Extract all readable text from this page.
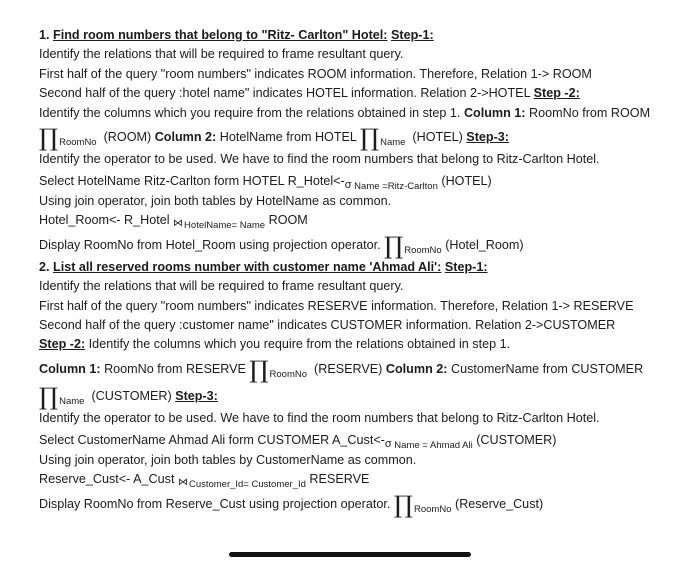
1. Find room numbers that belong to "Ritz- Carlton" Hotel: Step-1:
Identify the relations that will be required to frame resultant query.
First half of the query "room numbers" indicates ROOM information. Therefore, Relation 1-> ROOM
Second half of the query :hotel name" indicates HOTEL information. Relation 2->HOTEL Step -2:
Identify the columns which you require from the relations obtained in step 1. Column 1: RoomNo from ROOM
$\prod_{RoomNo}$ (ROOM) Column 2: HotelName from HOTEL $\prod_{Name}$ (HOTEL) Step-3:
Identify the operator to be used. We have to find the room numbers that belong to Ritz-Carlton Hotel.
Select HotelName Ritz-Carlton form HOTEL R_Hotel<-σ $_{Name =Ritz-Carlton}$ (HOTEL)
Using join operator, join both tables by HotelName as common.
Hotel_Room<- R_Hotel $⋈_{HotelName= Name}$ ROOM
Display RoomNo from Hotel_Room using projection operator. $\prod_{RoomNo}$ (Hotel_Room)
2. List all reserved rooms number with customer name 'Ahmad Ali': Step-1:
Identify the relations that will be required to frame resultant query.
First half of the query "room numbers" indicates RESERVE information. Therefore, Relation 1-> RESERVE
Second half of the query :customer name" indicates CUSTOMER information. Relation 2->CUSTOMER
Step -2: Identify the columns which you require from the relations obtained in step 1.
Column 1: RoomNo from RESERVE $\prod_{RoomNo}$ (RESERVE) Column 2: CustomerName from CUSTOMER
$\prod_{Name}$ (CUSTOMER) Step-3:
Identify the operator to be used. We have to find the room numbers that belong to Ritz-Carlton Hotel.
Select CustomerName Ahmad Ali form CUSTOMER A_Cust<-σ $_{Name = Ahmad Ali}$ (CUSTOMER)
Using join operator, join both tables by CustomerName as common.
Reserve_Cust<- A_Cust $⋈_{Customer\_Id= Customer\_Id}$ RESERVE
Display RoomNo from Reserve_Cust using projection operator. $\prod_{RoomNo}$ (Reserve_Cust)
